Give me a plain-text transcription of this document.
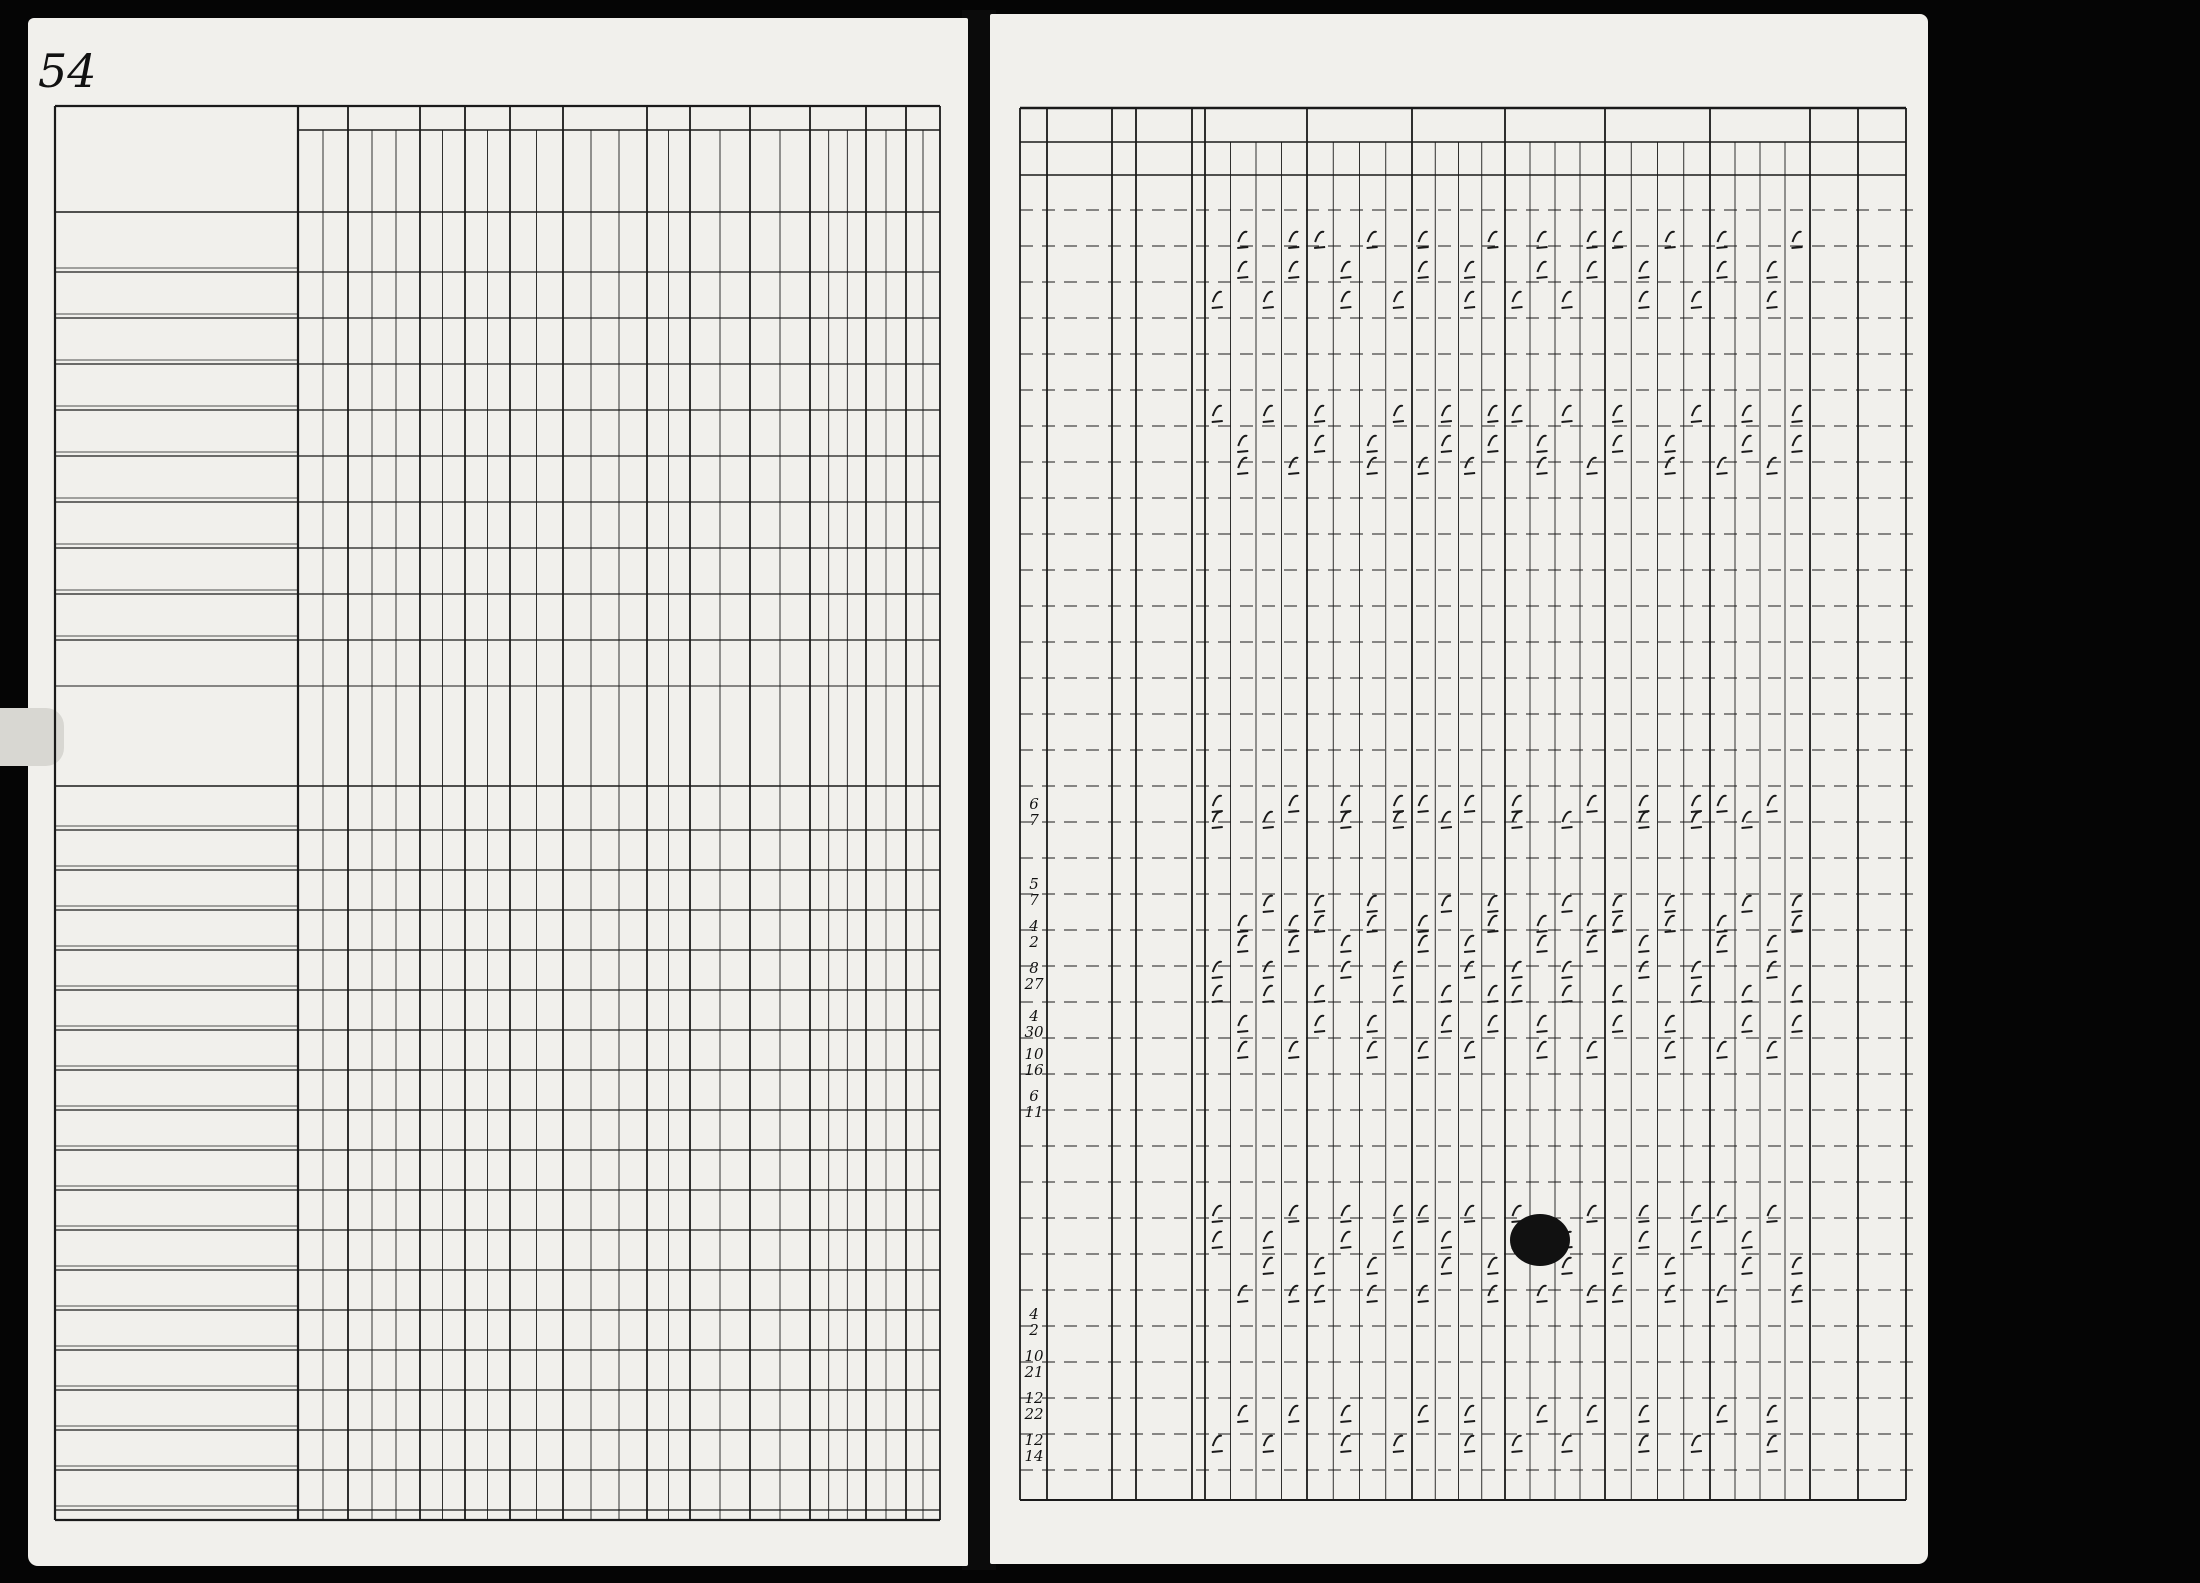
54
6
7
5
7
4
2
8
27
4
30
10
16
6
11
4
2
10
21
12
22
12
14
